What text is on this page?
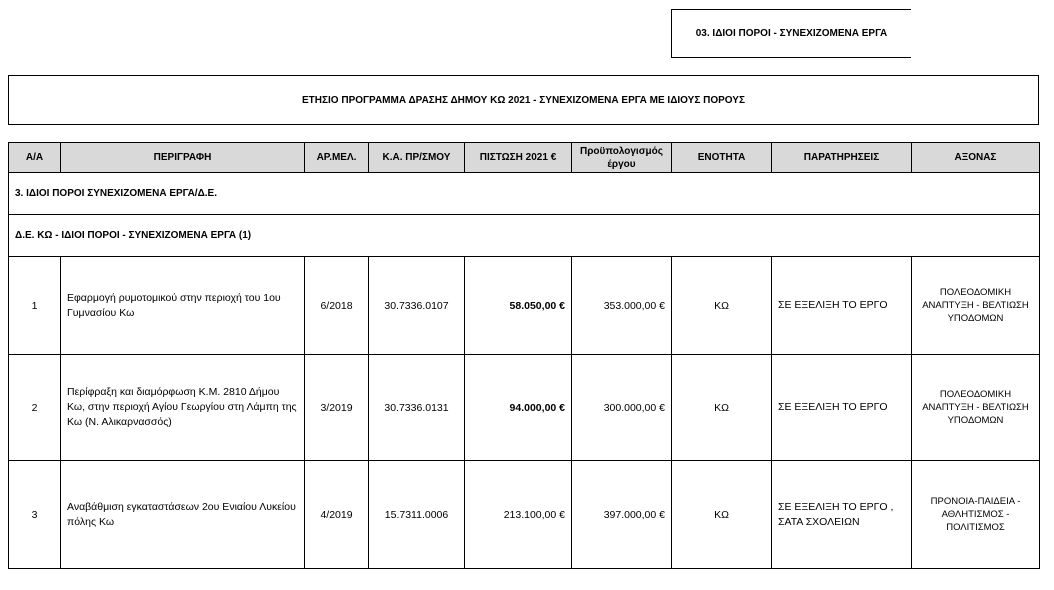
03. ΙΔΙΟΙ ΠΟΡΟΙ - ΣΥΝΕΧΙΖΟΜΕΝΑ ΕΡΓΑ
ΕΤΗΣΙΟ ΠΡΟΓΡΑΜΜΑ ΔΡΑΣΗΣ ΔΗΜΟΥ ΚΩ 2021 - ΣΥΝΕΧΙΖΟΜΕΝΑ ΕΡΓΑ ΜΕ ΙΔΙΟΥΣ ΠΟΡΟΥΣ
Α/Α	ΠΕΡΙΓΡΑΦΗ	ΑΡ.ΜΕΛ.	Κ.Α. ΠΡ/ΣΜΟΥ	ΠΙΣΤΩΣΗ 2021 €	Προϋπολογισμός έργου	ΕΝΟΤΗΤΑ	ΠΑΡΑΤΗΡΗΣΕΙΣ	ΑΞΟΝΑΣ
3. ΙΔΙΟΙ ΠΟΡΟΙ ΣΥΝΕΧΙΖΟΜΕΝΑ ΕΡΓΑ/Δ.Ε.								
Δ.Ε. ΚΩ - ΙΔΙΟΙ ΠΟΡΟΙ - ΣΥΝΕΧΙΖΟΜΕΝΑ ΕΡΓΑ (1)								
1	Εφαρμογή ρυμοτομικού στην περιοχή του 1ου Γυμνασίου Κω	6/2018	30.7336.0107	58.050,00 €	353.000,00 €	ΚΩ	ΣΕ ΕΞΕΛΙΞΗ ΤΟ ΕΡΓΟ	ΠΟΛΕΟΔΟΜΙΚΗ ΑΝΑΠΤΥΞΗ - ΒΕΛΤΙΩΣΗ ΥΠΟΔΟΜΩΝ
2	Περίφραξη και διαμόρφωση Κ.Μ. 2810 Δήμου Κω, στην περιοχή Αγίου Γεωργίου στη Λάμπη της Κω (Ν. Αλικαρνασσός)	3/2019	30.7336.0131	94.000,00 €	300.000,00 €	ΚΩ	ΣΕ ΕΞΕΛΙΞΗ ΤΟ ΕΡΓΟ	ΠΟΛΕΟΔΟΜΙΚΗ ΑΝΑΠΤΥΞΗ - ΒΕΛΤΙΩΣΗ ΥΠΟΔΟΜΩΝ
3	Αναβάθμιση εγκαταστάσεων 2ου Ενιαίου Λυκείου πόλης Κω	4/2019	15.7311.0006	213.100,00 €	397.000,00 €	ΚΩ	ΣΕ ΕΞΕΛΙΞΗ ΤΟ ΕΡΓΟ , ΣΑΤΑ ΣΧΟΛΕΙΩΝ	ΠΡΟΝΟΙΑ-ΠΑΙΔΕΙΑ - ΑΘΛΗΤΙΣΜΟΣ - ΠΟΛΙΤΙΣΜΟΣ
